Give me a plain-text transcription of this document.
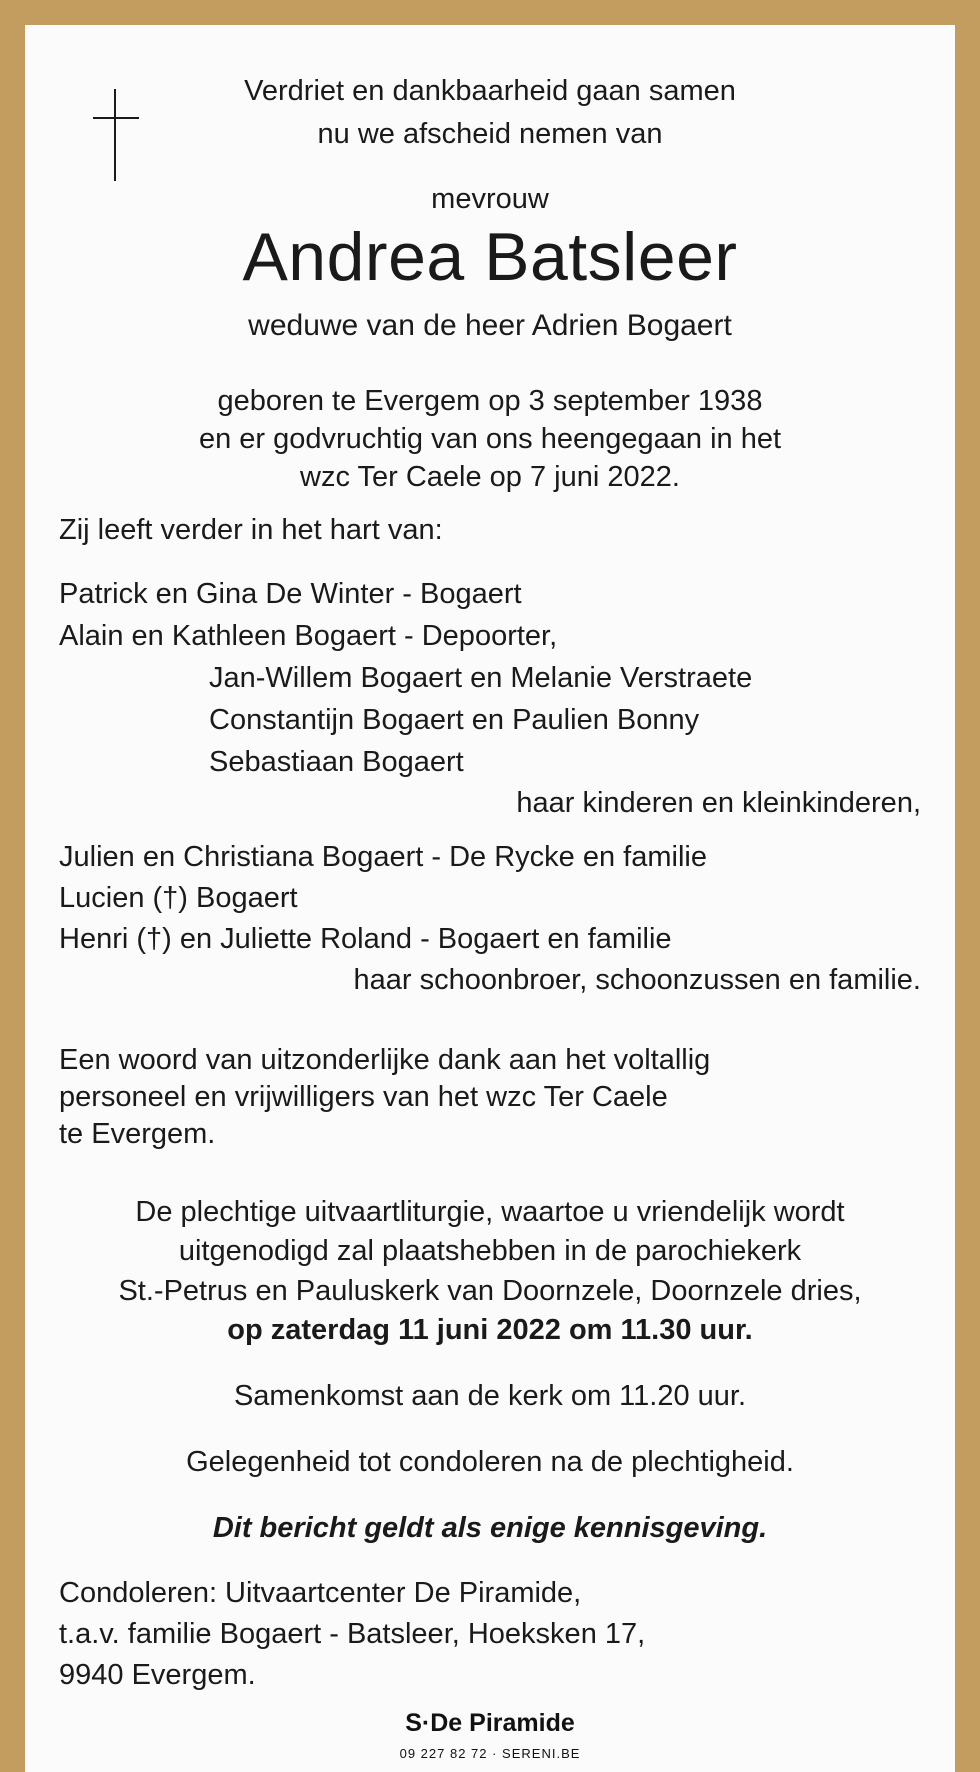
Verdriet en dankbaarheid gaan samen
nu we afscheid nemen van
mevrouw
Andrea Batsleer
weduwe van de heer Adrien Bogaert
geboren te Evergem op 3 september 1938
en er godvruchtig van ons heengegaan in het
wzc Ter Caele op 7 juni 2022.
Zij leeft verder in het hart van:
Patrick en Gina De Winter - Bogaert
Alain en Kathleen Bogaert - Depoorter,
Jan-Willem Bogaert en Melanie Verstraete
Constantijn Bogaert en Paulien Bonny
Sebastiaan Bogaert
haar kinderen en kleinkinderen,
Julien en Christiana Bogaert - De Rycke en familie
Lucien (†) Bogaert
Henri (†) en Juliette Roland - Bogaert en familie
haar schoonbroer, schoonzussen en familie.
Een woord van uitzonderlijke dank aan het voltallig
personeel en vrijwilligers van het wzc Ter Caele
te Evergem.
De plechtige uitvaartliturgie, waartoe u vriendelijk wordt
uitgenodigd zal plaatshebben in de parochiekerk
St.-Petrus en Pauluskerk van Doornzele, Doornzele dries,
op zaterdag 11 juni 2022 om 11.30 uur.
Samenkomst aan de kerk om 11.20 uur.
Gelegenheid tot condoleren na de plechtigheid.
Dit bericht geldt als enige kennisgeving.
Condoleren: Uitvaartcenter De Piramide,
t.a.v. familie Bogaert - Batsleer, Hoeksken 17,
9940 Evergem.
S·De Piramide
09 227 82 72 · SERENI.BE
